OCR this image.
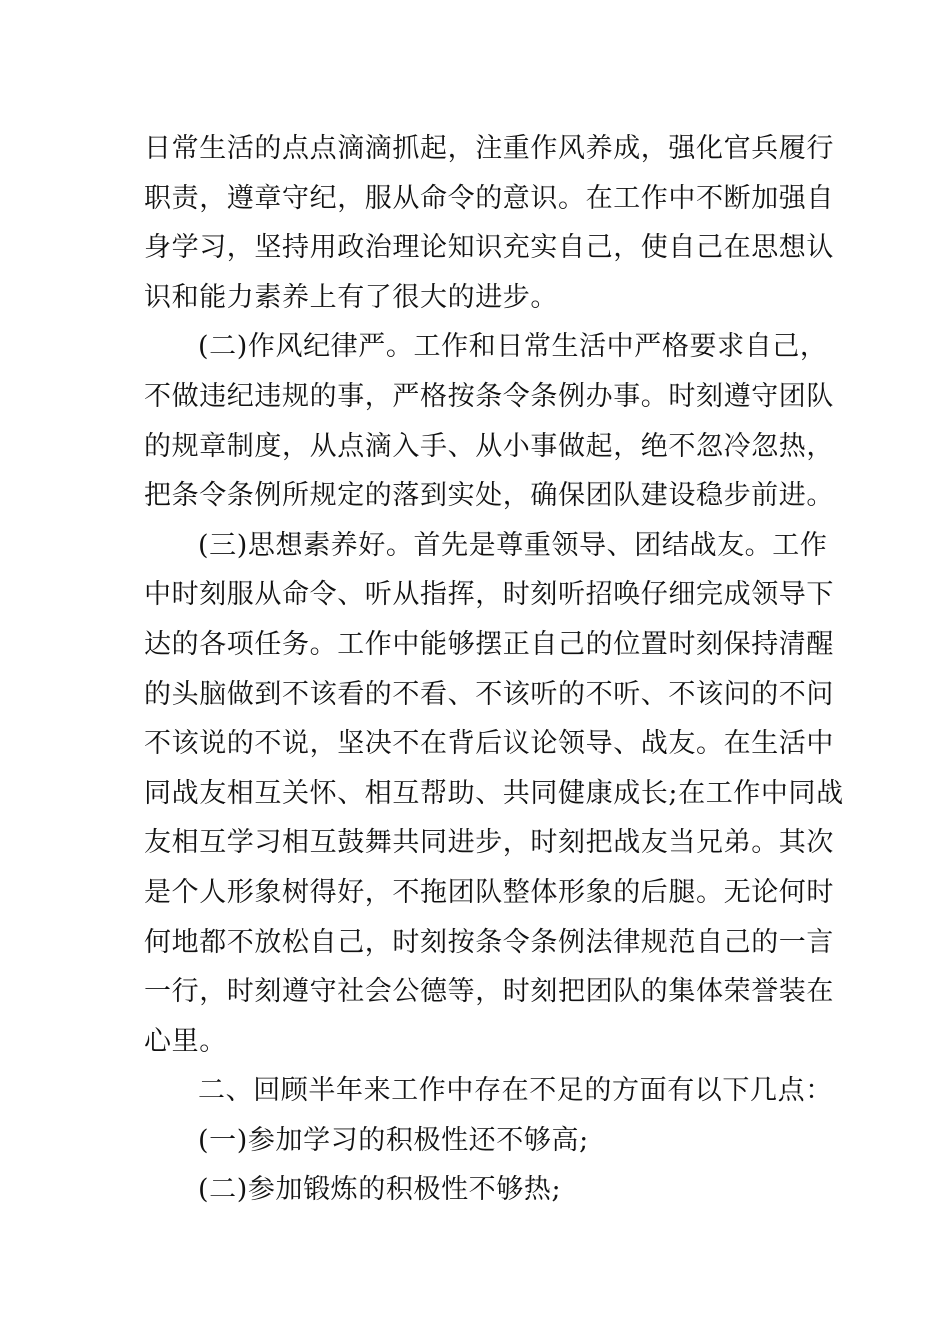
日常生活的点点滴滴抓起，注重作风养成，强化官兵履行
职责，遵章守纪，服从命令的意识。在工作中不断加强自
身学习，坚持用政治理论知识充实自己，使自己在思想认
识和能力素养上有了很大的进步。
(二)作风纪律严。工作和日常生活中严格要求自己，
不做违纪违规的事，严格按条令条例办事。时刻遵守团队
的规章制度，从点滴入手、从小事做起，绝不忽冷忽热，
把条令条例所规定的落到实处，确保团队建设稳步前进。
(三)思想素养好。首先是尊重领导、团结战友。工作
中时刻服从命令、听从指挥，时刻听招唤仔细完成领导下
达的各项任务。工作中能够摆正自己的位置时刻保持清醒
的头脑做到不该看的不看、不该听的不听、不该问的不问
不该说的不说，坚决不在背后议论领导、战友。在生活中
同战友相互关怀、相互帮助、共同健康成长;在工作中同战
友相互学习相互鼓舞共同进步，时刻把战友当兄弟。其次
是个人形象树得好，不拖团队整体形象的后腿。无论何时
何地都不放松自己，时刻按条令条例法律规范自己的一言
一行，时刻遵守社会公德等，时刻把团队的集体荣誉装在
心里。
二、回顾半年来工作中存在不足的方面有以下几点：
(一)参加学习的积极性还不够高;
(二)参加锻炼的积极性不够热;
